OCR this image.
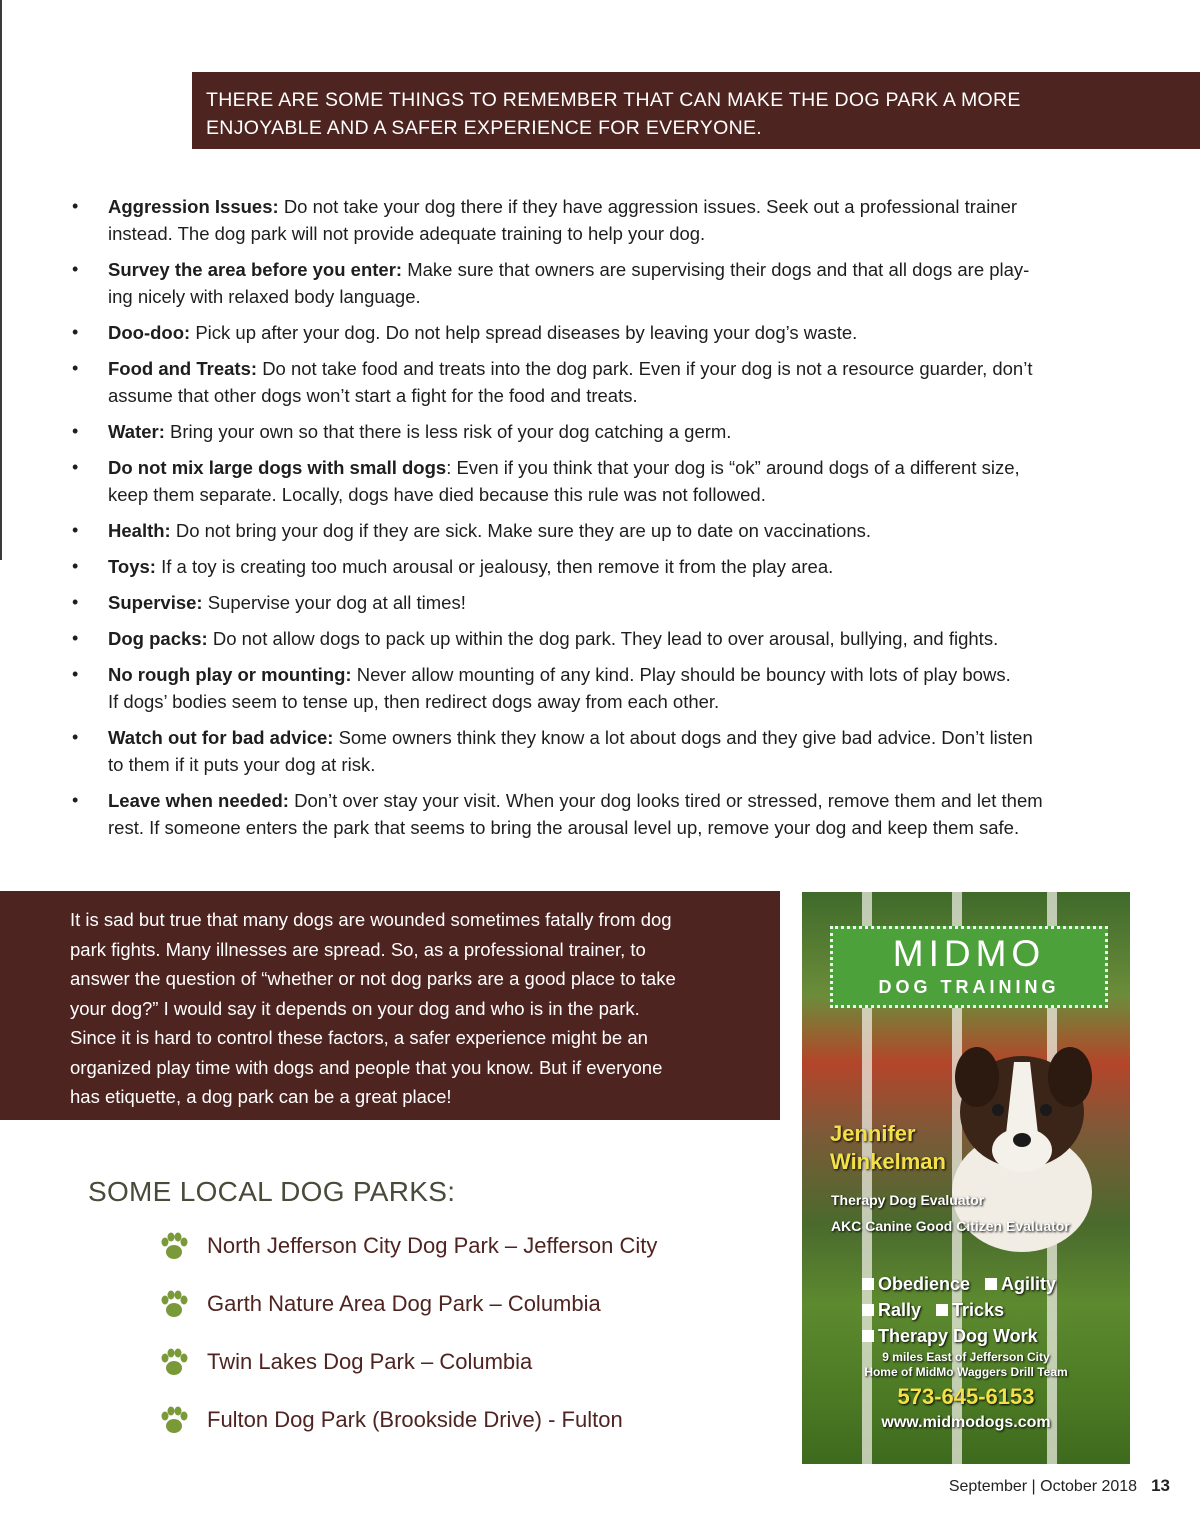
THERE ARE SOME THINGS TO REMEMBER THAT CAN MAKE THE DOG PARK A MORE
ENJOYABLE AND A SAFER EXPERIENCE FOR EVERYONE.
• Aggression Issues: Do not take your dog there if they have aggression issues. Seek out a professional trainer
instead. The dog park will not provide adequate training to help your dog.
• Survey the area before you enter: Make sure that owners are supervising their dogs and that all dogs are play-
ing nicely with relaxed body language.
• Doo-doo: Pick up after your dog. Do not help spread diseases by leaving your dog’s waste.
• Food and Treats: Do not take food and treats into the dog park. Even if your dog is not a resource guarder, don’t
assume that other dogs won’t start a fight for the food and treats.
• Water: Bring your own so that there is less risk of your dog catching a germ.
• Do not mix large dogs with small dogs: Even if you think that your dog is “ok” around dogs of a different size,
keep them separate. Locally, dogs have died because this rule was not followed.
• Health: Do not bring your dog if they are sick. Make sure they are up to date on vaccinations.
• Toys: If a toy is creating too much arousal or jealousy, then remove it from the play area.
• Supervise: Supervise your dog at all times!
• Dog packs: Do not allow dogs to pack up within the dog park. They lead to over arousal, bullying, and fights.
• No rough play or mounting: Never allow mounting of any kind. Play should be bouncy with lots of play bows.
If dogs’ bodies seem to tense up, then redirect dogs away from each other.
• Watch out for bad advice: Some owners think they know a lot about dogs and they give bad advice. Don’t listen
to them if it puts your dog at risk.
• Leave when needed: Don’t over stay your visit. When your dog looks tired or stressed, remove them and let them
rest. If someone enters the park that seems to bring the arousal level up, remove your dog and keep them safe.
It is sad but true that many dogs are wounded sometimes fatally from dog
park fights. Many illnesses are spread. So, as a professional trainer, to
answer the question of “whether or not dog parks are a good place to take
your dog?” I would say it depends on your dog and who is in the park.
Since it is hard to control these factors, a safer experience might be an
organized play time with dogs and people that you know. But if everyone
has etiquette, a dog park can be a great place!
SOME LOCAL DOG PARKS:
North Jefferson City Dog Park – Jefferson City
Garth Nature Area Dog Park – Columbia
Twin Lakes Dog Park – Columbia
Fulton Dog Park (Brookside Drive) - Fulton
MIDMO
DOG TRAINING
Jennifer
Winkelman
Therapy Dog Evaluator
AKC Canine Good Citizen Evaluator
Obedience Agility
Rally Tricks
Therapy Dog Work
9 miles East of Jefferson City
Home of MidMo Waggers Drill Team
573-645-6153
www.midmodogs.com
September | October 2018 13
